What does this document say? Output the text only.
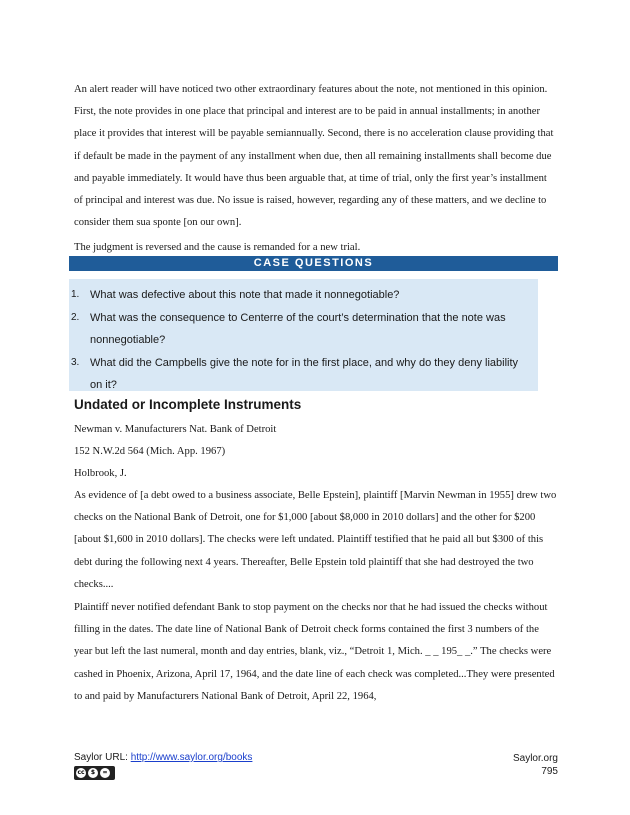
An alert reader will have noticed two other extraordinary features about the note, not mentioned in this opinion. First, the note provides in one place that principal and interest are to be paid in annual installments; in another place it provides that interest will be payable semiannually. Second, there is no acceleration clause providing that if default be made in the payment of any installment when due, then all remaining installments shall become due and payable immediately. It would have thus been arguable that, at time of trial, only the first year’s installment of principal and interest was due. No issue is raised, however, regarding any of these matters, and we decline to consider them sua sponte [on our own].

The judgment is reversed and the cause is remanded for a new trial.

CASE QUESTIONS
1. What was defective about this note that made it nonnegotiable?
2. What was the consequence to Centerre of the court’s determination that the note was nonnegotiable?
3. What did the Campbells give the note for in the first place, and why do they deny liability on it?
Undated or Incomplete Instruments

Newman v. Manufacturers Nat. Bank of Detroit

152 N.W.2d 564 (Mich. App. 1967)

Holbrook, J.

As evidence of [a debt owed to a business associate, Belle Epstein], plaintiff [Marvin Newman in 1955] drew two checks on the National Bank of Detroit, one for $1,000 [about $8,000 in 2010 dollars] and the other for $200 [about $1,600 in 2010 dollars]. The checks were left undated. Plaintiff testified that he paid all but $300 of this debt during the following next 4 years. Thereafter, Belle Epstein told plaintiff that she had destroyed the two checks....

Plaintiff never notified defendant Bank to stop payment on the checks nor that he had issued the checks without filling in the dates. The date line of National Bank of Detroit check forms contained the first 3 numbers of the year but left the last numeral, month and day entries, blank, viz., “Detroit 1, Mich. _ _ 195_ _.” The checks were cashed in Phoenix, Arizona, April 17, 1964, and the date line of each check was completed...They were presented to and paid by Manufacturers National Bank of Detroit, April 22, 1964,

Saylor URL: http://www.saylor.org/books
cc	$	=
Saylor.org
795
